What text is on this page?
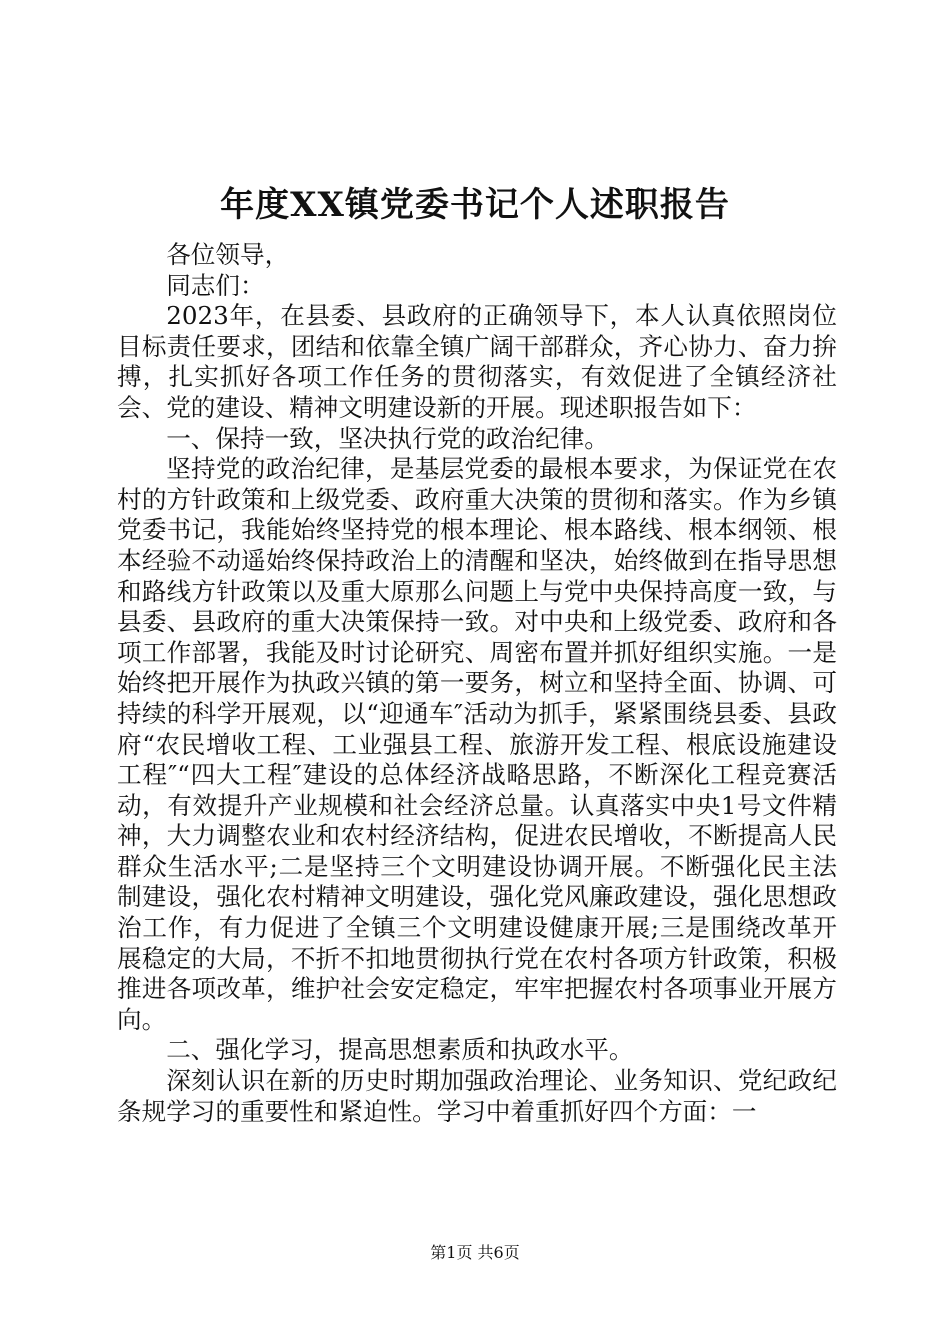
年度XX镇党委书记个人述职报告

各位领导，

同志们：

2023年，在县委、县政府的正确领导下，本人认真依照岗位目标责任要求，团结和依靠全镇广阔干部群众，齐心协力、奋力拚搏，扎实抓好各项工作任务的贯彻落实，有效促进了全镇经济社会、党的建设、精神文明建设新的开展。现述职报告如下：

一、保持一致，坚决执行党的政治纪律。

坚持党的政治纪律，是基层党委的最根本要求，为保证党在农村的方针政策和上级党委、政府重大决策的贯彻和落实。作为乡镇党委书记，我能始终坚持党的根本理论、根本路线、根本纲领、根本经验不动遥始终保持政治上的清醒和坚决，始终做到在指导思想和路线方针政策以及重大原那么问题上与党中央保持高度一致，与县委、县政府的重大决策保持一致。对中央和上级党委、政府和各项工作部署，我能及时讨论研究、周密布置并抓好组织实施。一是始终把开展作为执政兴镇的第一要务，树立和坚持全面、协调、可持续的科学开展观，以“迎通车″活动为抓手，紧紧围绕县委、县政府“农民增收工程、工业强县工程、旅游开发工程、根底设施建设工程″“四大工程″建设的总体经济战略思路，不断深化工程竞赛活动，有效提升产业规模和社会经济总量。认真落实中央1号文件精神，大力调整农业和农村经济结构，促进农民增收，不断提高人民群众生活水平;二是坚持三个文明建设协调开展。不断强化民主法制建设，强化农村精神文明建设，强化党风廉政建设，强化思想政治工作，有力促进了全镇三个文明建设健康开展;三是围绕改革开展稳定的大局，不折不扣地贯彻执行党在农村各项方针政策，积极推进各项改革，维护社会安定稳定，牢牢把握农村各项事业开展方向。

二、强化学习，提高思想素质和执政水平。

深刻认识在新的历史时期加强政治理论、业务知识、党纪政纪条规学习的重要性和紧迫性。学习中着重抓好四个方面：一

第1页 共6页
